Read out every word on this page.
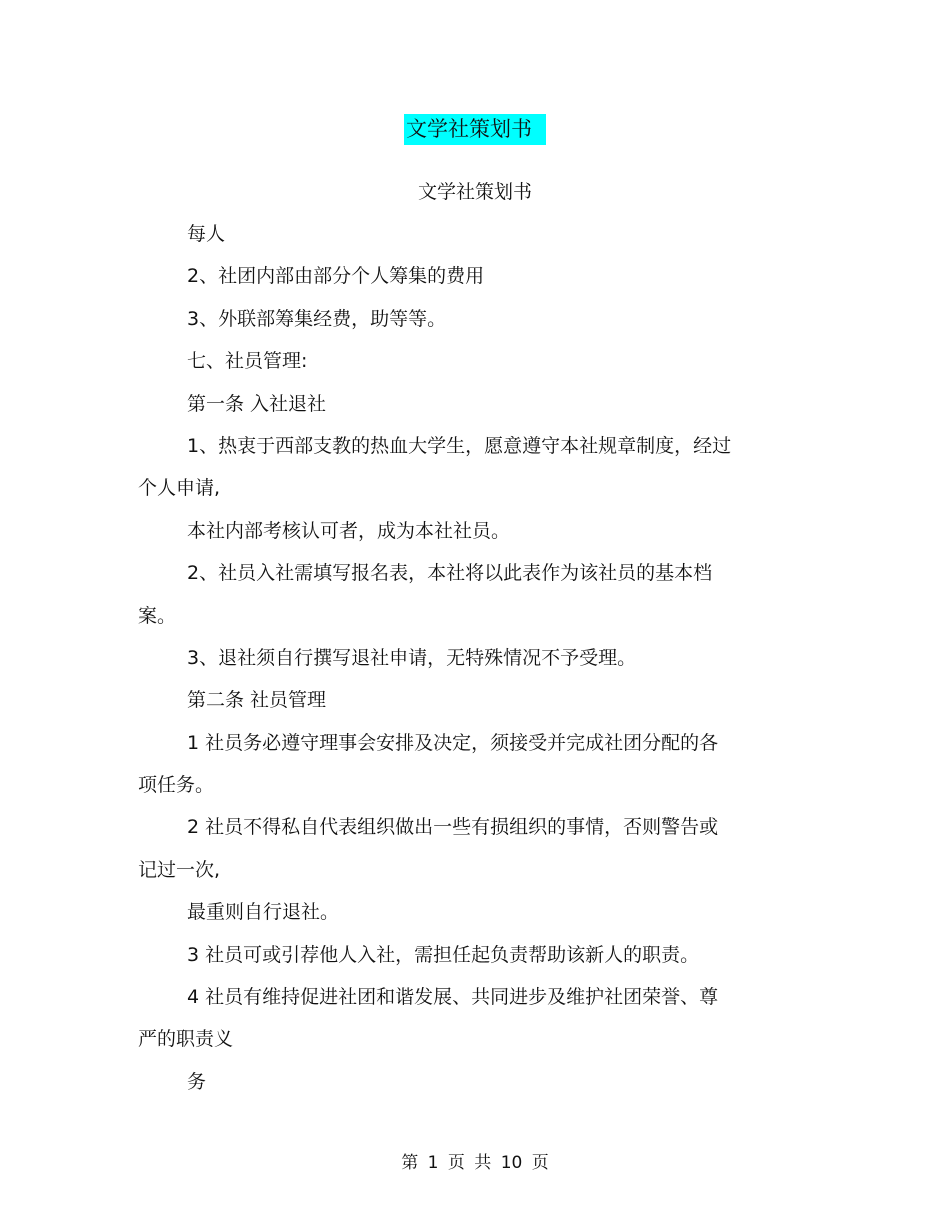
文学社策划书
文学社策划书
每人
2、社团内部由部分个人筹集的费用
3、外联部筹集经费，助等等。
七、社员管理:
第一条 入社退社
1、热衷于西部支教的热血大学生，愿意遵守本社规章制度，经过
个人申请,
本社内部考核认可者，成为本社社员。
2、社员入社需填写报名表，本社将以此表作为该社员的基本档
案。
3、退社须自行撰写退社申请，无特殊情况不予受理。
第二条 社员管理
1 社员务必遵守理事会安排及决定，须接受并完成社团分配的各
项任务。
2 社员不得私自代表组织做出一些有损组织的事情，否则警告或
记过一次,
最重则自行退社。
3 社员可或引荐他人入社，需担任起负责帮助该新人的职责。
4 社员有维持促进社团和谐发展、共同进步及维护社团荣誉、尊
严的职责义
务
第 1 页 共 10 页
